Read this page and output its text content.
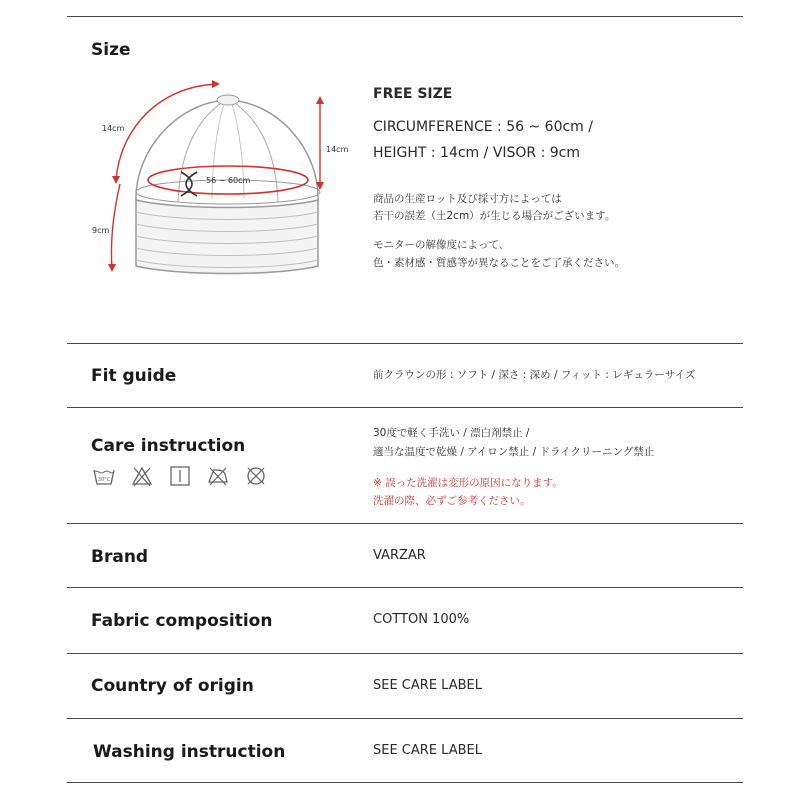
Size
56 ~ 60cm
14cm
9cm
14cm
FREE SIZE
CIRCUMFERENCE : 56 ~ 60cm /
HEIGHT : 14cm / VISOR : 9cm
商品の生産ロット及び採寸方によっては
若干の誤差（土2cm）が生じる場合がございます。
モニターの解像度によって、
色・素材感・質感等が異なることをご了承ください。
Fit guide	前クラウンの形 : ソフト / 深さ : 深め / フィット : レギュラーサイズ
Care instruction
30°C
30度で軽く手洗い / 漂白剤禁止 /
適当な温度で乾燥 / アイロン禁止 / ドライクリーニング禁止
※ 誤った洗濯は変形の原因になります。
洗濯の際、必ずご参考ください。
Brand	VARZAR
Fabric composition	COTTON 100%
Country of origin	SEE CARE LABEL
Washing instruction	SEE CARE LABEL
